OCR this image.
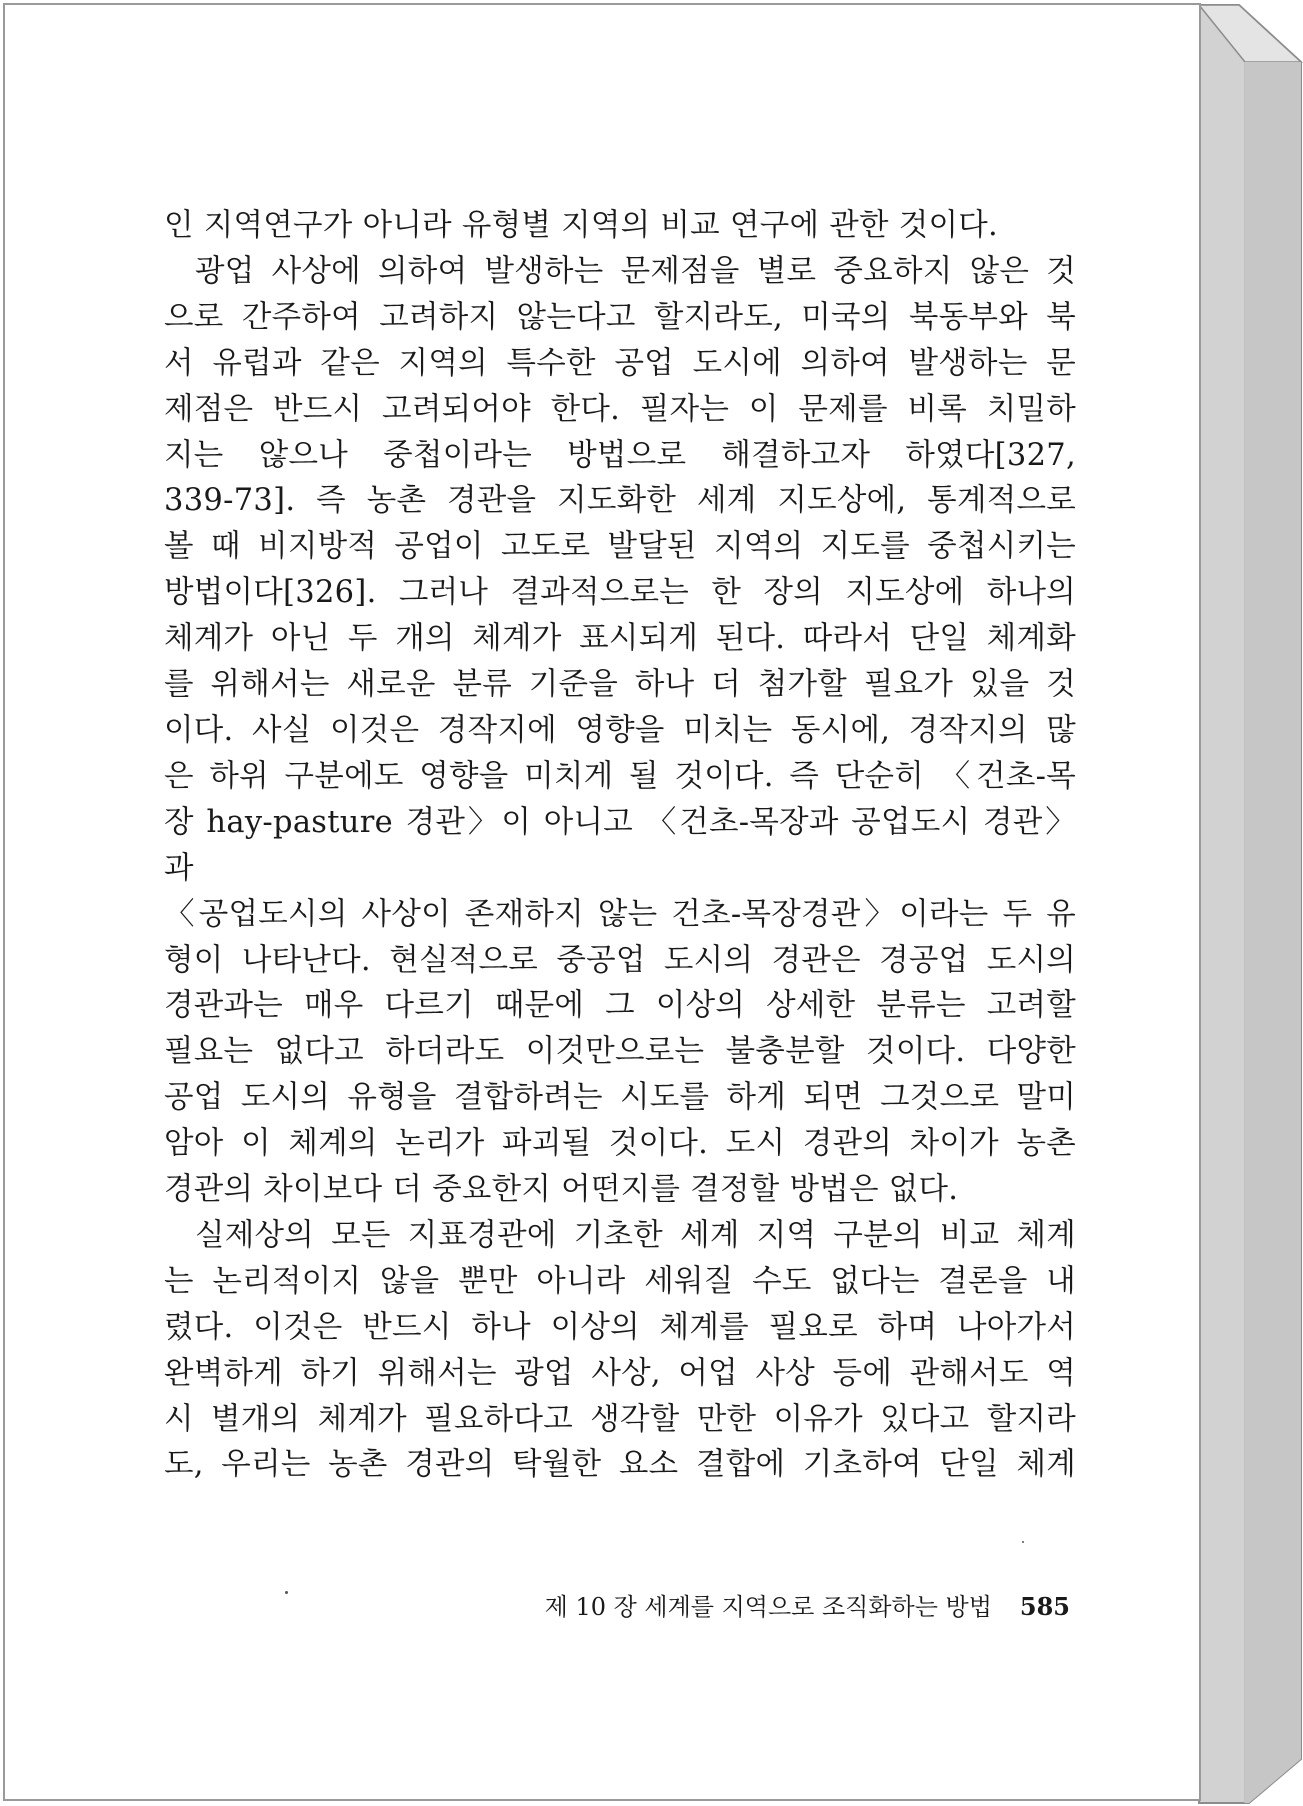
인 지역연구가 아니라 유형별 지역의 비교 연구에 관한 것이다.

광업 사상에 의하여 발생하는 문제점을 별로 중요하지 않은 것

으로 간주하여 고려하지 않는다고 할지라도, 미국의 북동부와 북

서 유럽과 같은 지역의 특수한 공업 도시에 의하여 발생하는 문

제점은 반드시 고려되어야 한다. 필자는 이 문제를 비록 치밀하

지는 않으나 중첩이라는 방법으로 해결하고자 하였다[327,

339-73]. 즉 농촌 경관을 지도화한 세계 지도상에, 통계적으로

볼 때 비지방적 공업이 고도로 발달된 지역의 지도를 중첩시키는

방법이다[326]. 그러나 결과적으로는 한 장의 지도상에 하나의

체계가 아닌 두 개의 체계가 표시되게 된다. 따라서 단일 체계화

를 위해서는 새로운 분류 기준을 하나 더 첨가할 필요가 있을 것

이다. 사실 이것은 경작지에 영향을 미치는 동시에, 경작지의 많

은 하위 구분에도 영향을 미치게 될 것이다. 즉 단순히 〈건초-목

장 hay-pasture 경관〉이 아니고 〈건초-목장과 공업도시 경관〉과

〈공업도시의 사상이 존재하지 않는 건초-목장경관〉이라는 두 유

형이 나타난다. 현실적으로 중공업 도시의 경관은 경공업 도시의

경관과는 매우 다르기 때문에 그 이상의 상세한 분류는 고려할

필요는 없다고 하더라도 이것만으로는 불충분할 것이다. 다양한

공업 도시의 유형을 결합하려는 시도를 하게 되면 그것으로 말미

암아 이 체계의 논리가 파괴될 것이다. 도시 경관의 차이가 농촌

경관의 차이보다 더 중요한지 어떤지를 결정할 방법은 없다.

실제상의 모든 지표경관에 기초한 세계 지역 구분의 비교 체계

는 논리적이지 않을 뿐만 아니라 세워질 수도 없다는 결론을 내

렸다. 이것은 반드시 하나 이상의 체계를 필요로 하며 나아가서

완벽하게 하기 위해서는 광업 사상, 어업 사상 등에 관해서도 역

시 별개의 체계가 필요하다고 생각할 만한 이유가 있다고 할지라

도, 우리는 농촌 경관의 탁월한 요소 결합에 기초하여 단일 체계

제 10 장 세계를 지역으로 조직화하는 방법 585
